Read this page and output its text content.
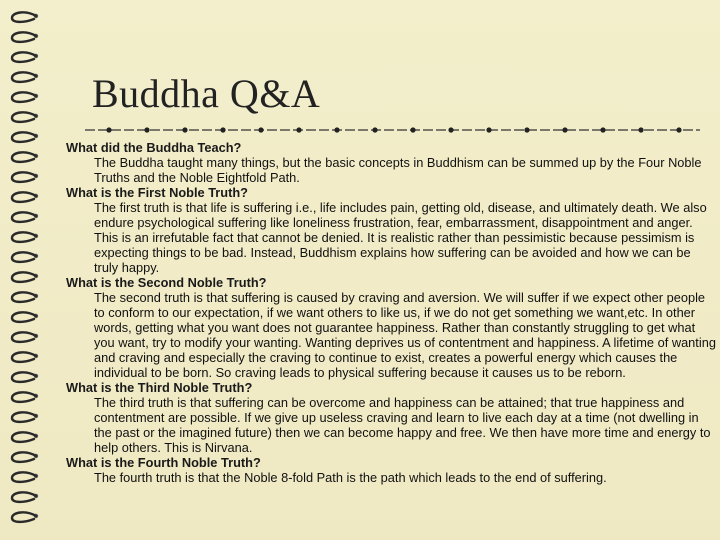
Buddha Q&A

What did the Buddha Teach?

The Buddha taught many things, but the basic concepts in Buddhism can be summed up by the Four Noble Truths and the Noble Eightfold Path.

What is the First Noble Truth?

The first truth is that life is suffering i.e., life includes pain, getting old, disease, and ultimately death. We also endure psychological suffering like loneliness frustration, fear, embarrassment, disappointment and anger. This is an irrefutable fact that cannot be denied. It is realistic rather than pessimistic because pessimism is expecting things to be bad. Instead, Buddhism explains how suffering can be avoided and how we can be truly happy.

What is the Second Noble Truth?

The second truth is that suffering is caused by craving and aversion. We will suffer if we expect other people to conform to our expectation, if we want others to like us, if we do not get something we want,etc. In other words, getting what you want does not guarantee happiness. Rather than constantly struggling to get what you want, try to modify your wanting. Wanting deprives us of contentment and happiness. A lifetime of wanting and craving and especially the craving to continue to exist, creates a powerful energy which causes the individual to be born. So craving leads to physical suffering because it causes us to be reborn.

What is the Third Noble Truth?

The third truth is that suffering can be overcome and happiness can be attained; that true happiness and contentment are possible. If we give up useless craving and learn to live each day at a time (not dwelling in the past or the imagined future) then we can become happy and free. We then have more time and energy to help others. This is Nirvana.

What is the Fourth Noble Truth?

The fourth truth is that the Noble 8-fold Path is the path which leads to the end of suffering.
